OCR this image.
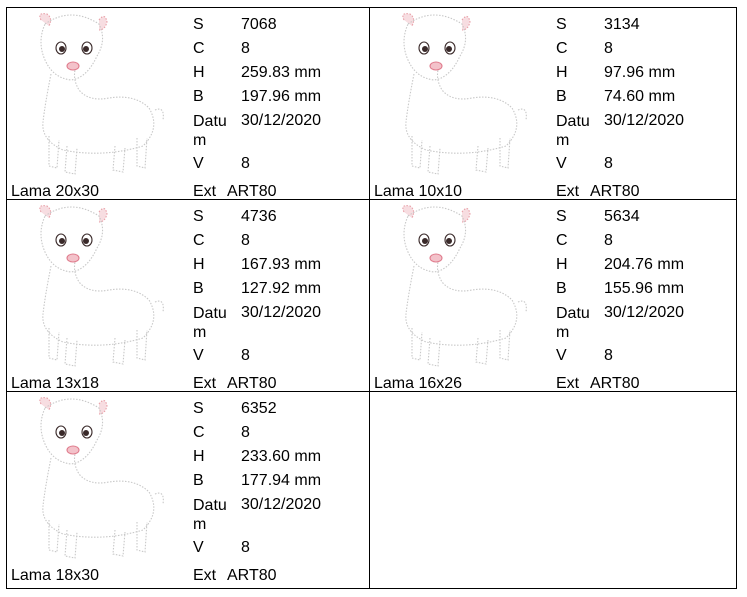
S 7068
C 8
H 259.83 mm
B 197.96 mm
Datum
30/12/2020
V 8
Lama 20x30	Ext ART80
S 3134
C 8
H 97.96 mm
B 74.60 mm
Datum
30/12/2020
V 8
Lama 10x10	Ext ART80
S 4736
C 8
H 167.93 mm
B 127.92 mm
Datum
30/12/2020
V 8
Lama 13x18	Ext ART80
S 5634
C 8
H 204.76 mm
B 155.96 mm
Datum
30/12/2020
V 8
Lama 16x26	Ext ART80
S 6352
C 8
H 233.60 mm
B 177.94 mm
Datum
30/12/2020
V 8
Lama 18x30	Ext ART80
